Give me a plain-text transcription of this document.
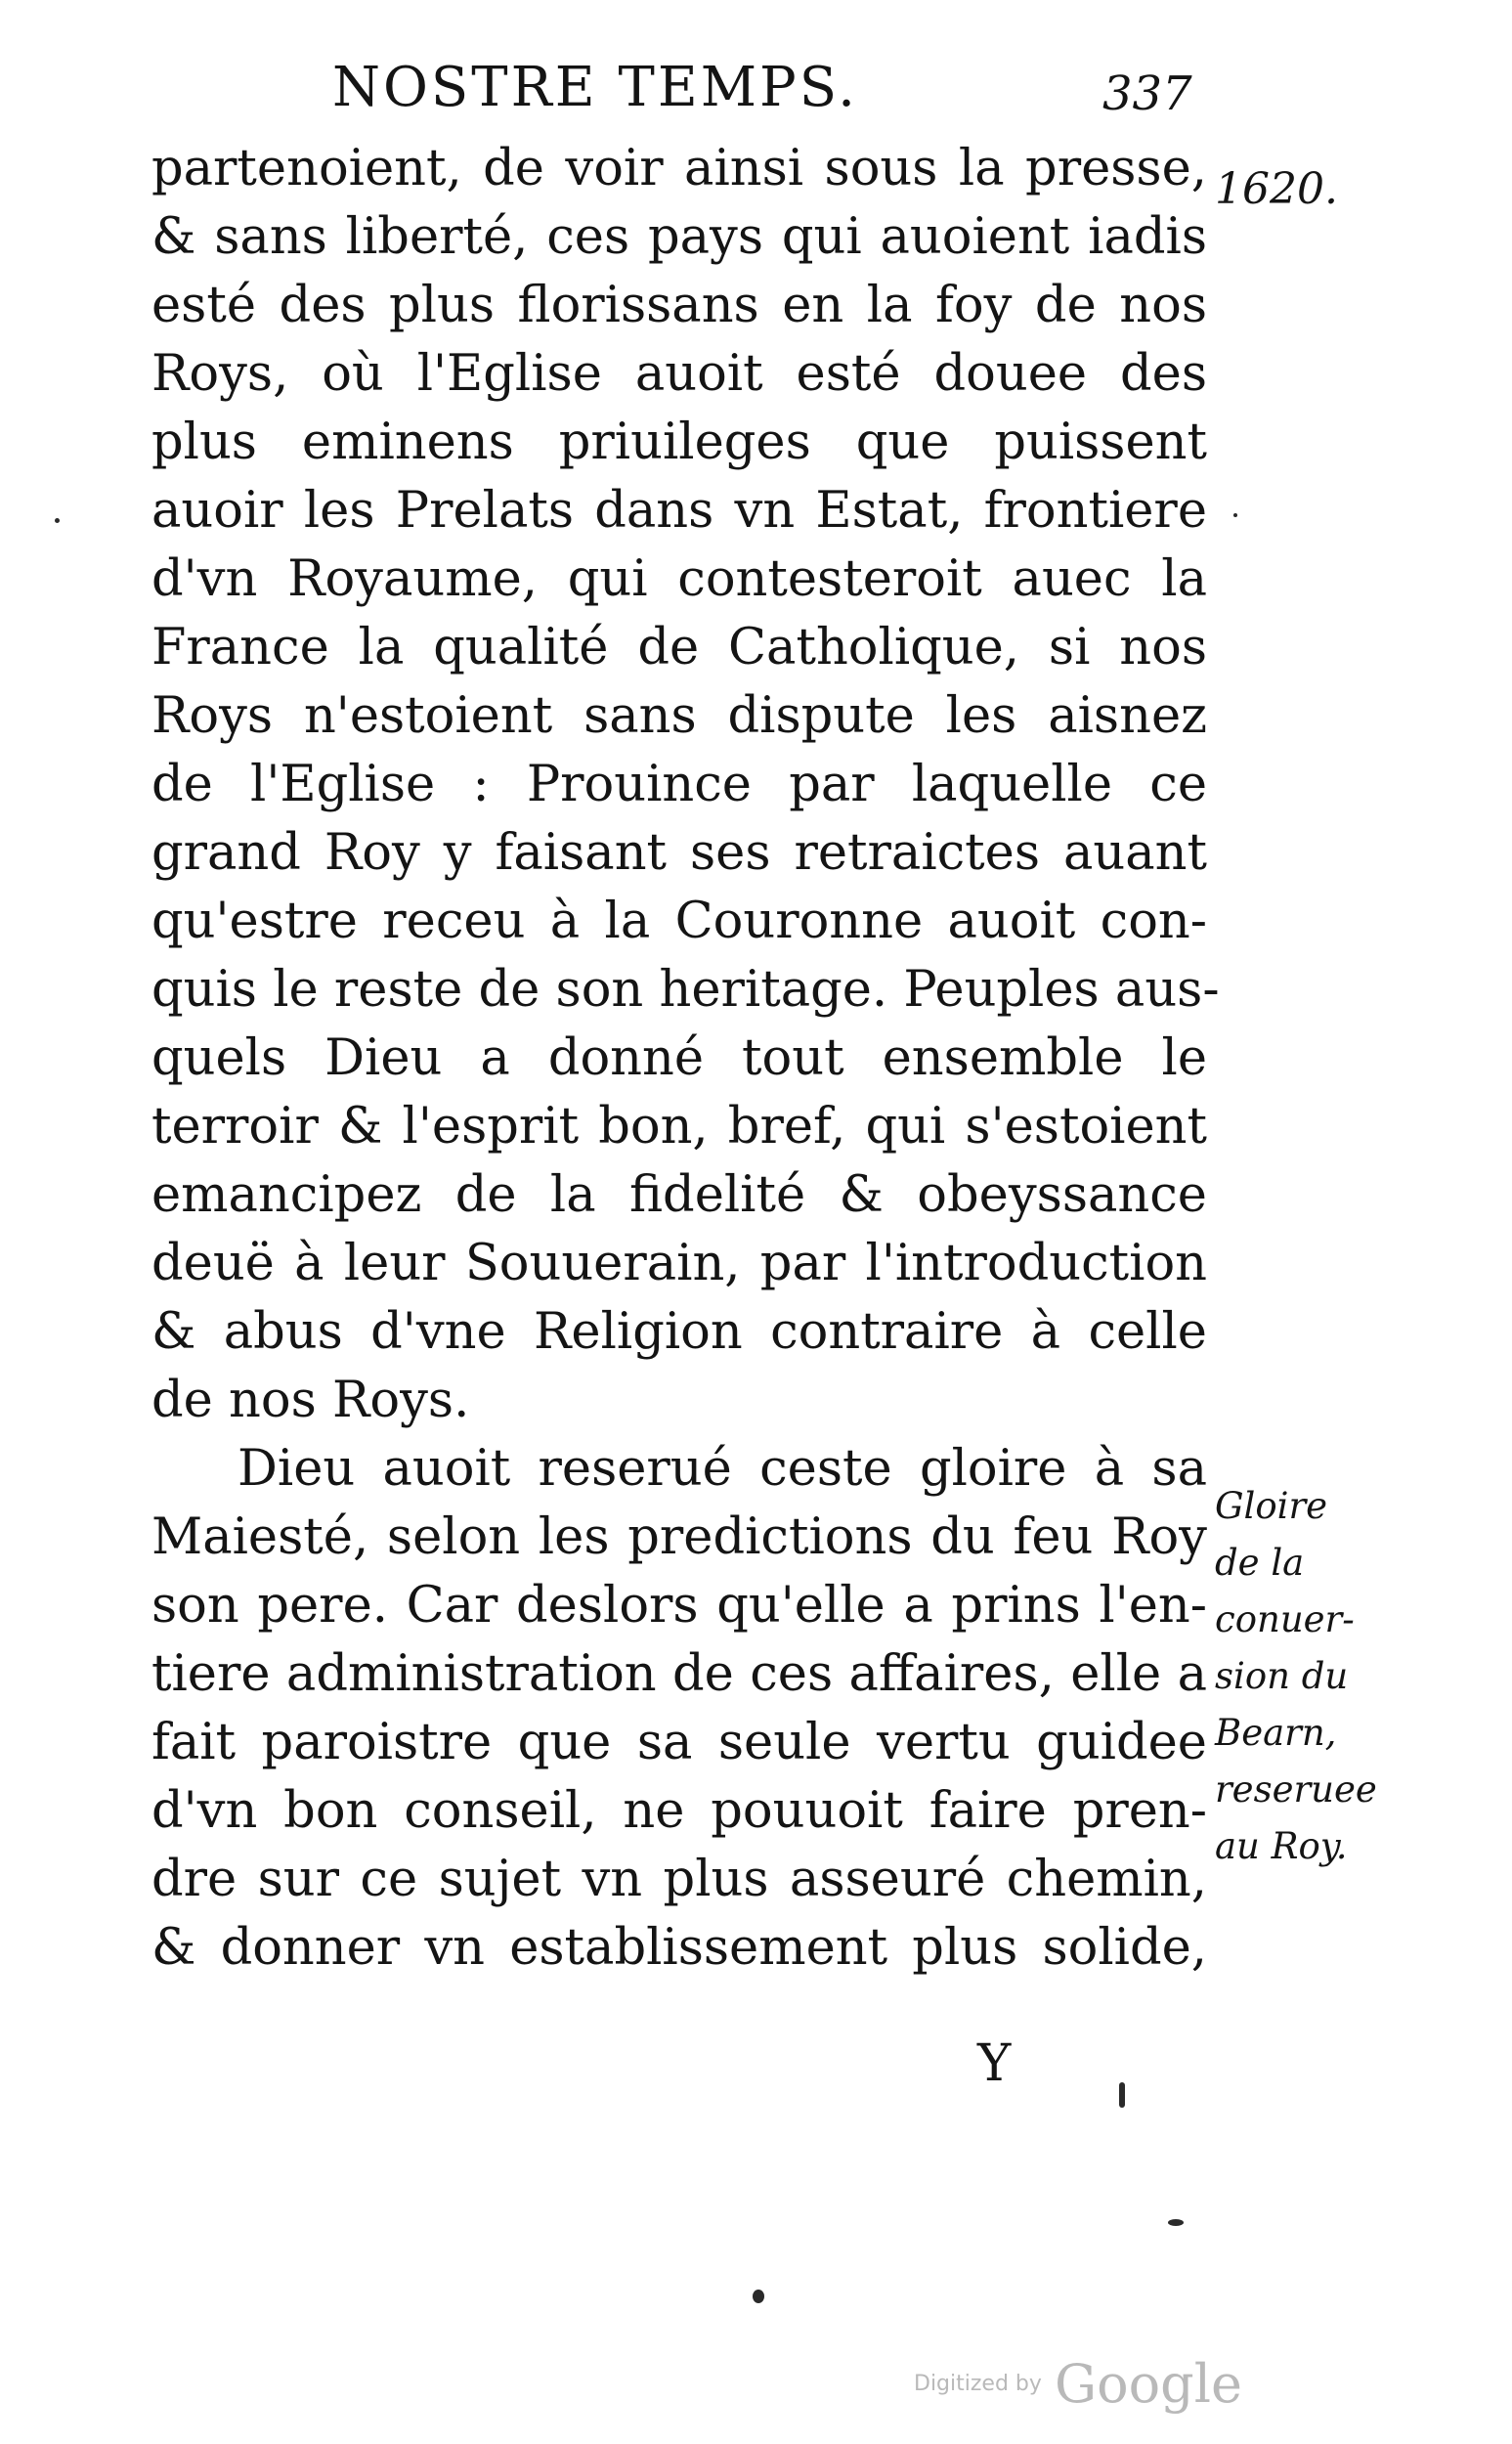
NOSTRE TEMPS.	337
1620.
partenoient, de voir ainsi sous la presse,
& sans liberté, ces pays qui auoient iadis
esté des plus florissans en la foy de nos
Roys, où l'Eglise auoit esté douee des
plus eminens priuileges que puissent
auoir les Prelats dans vn Estat, frontiere
d'vn Royaume, qui contesteroit auec la
France la qualité de Catholique, si nos
Roys n'estoient sans dispute les aisnez
de l'Eglise : Prouince par laquelle ce
grand Roy y faisant ses retraictes auant
qu'estre receu à la Couronne auoit con-
quis le reste de son heritage. Peuples aus-
quels Dieu a donné tout ensemble le
terroir & l'esprit bon, bref, qui s'estoient
emancipez de la fidelité & obeyssance
deuë à leur Souuerain, par l'introduction
& abus d'vne Religion contraire à celle
de nos Roys.
Dieu auoit reserué ceste gloire à sa
Maiesté, selon les predictions du feu Roy
son pere. Car deslors qu'elle a prins l'en-
tiere administration de ces affaires, elle a
fait paroistre que sa seule vertu guidee
d'vn bon conseil, ne pouuoit faire pren-
dre sur ce sujet vn plus asseuré chemin,
& donner vn establissement plus solide,
Gloire
de la
conuer-
sion du
Bearn,
reseruee
au Roy.
Y
Digitized by Google
